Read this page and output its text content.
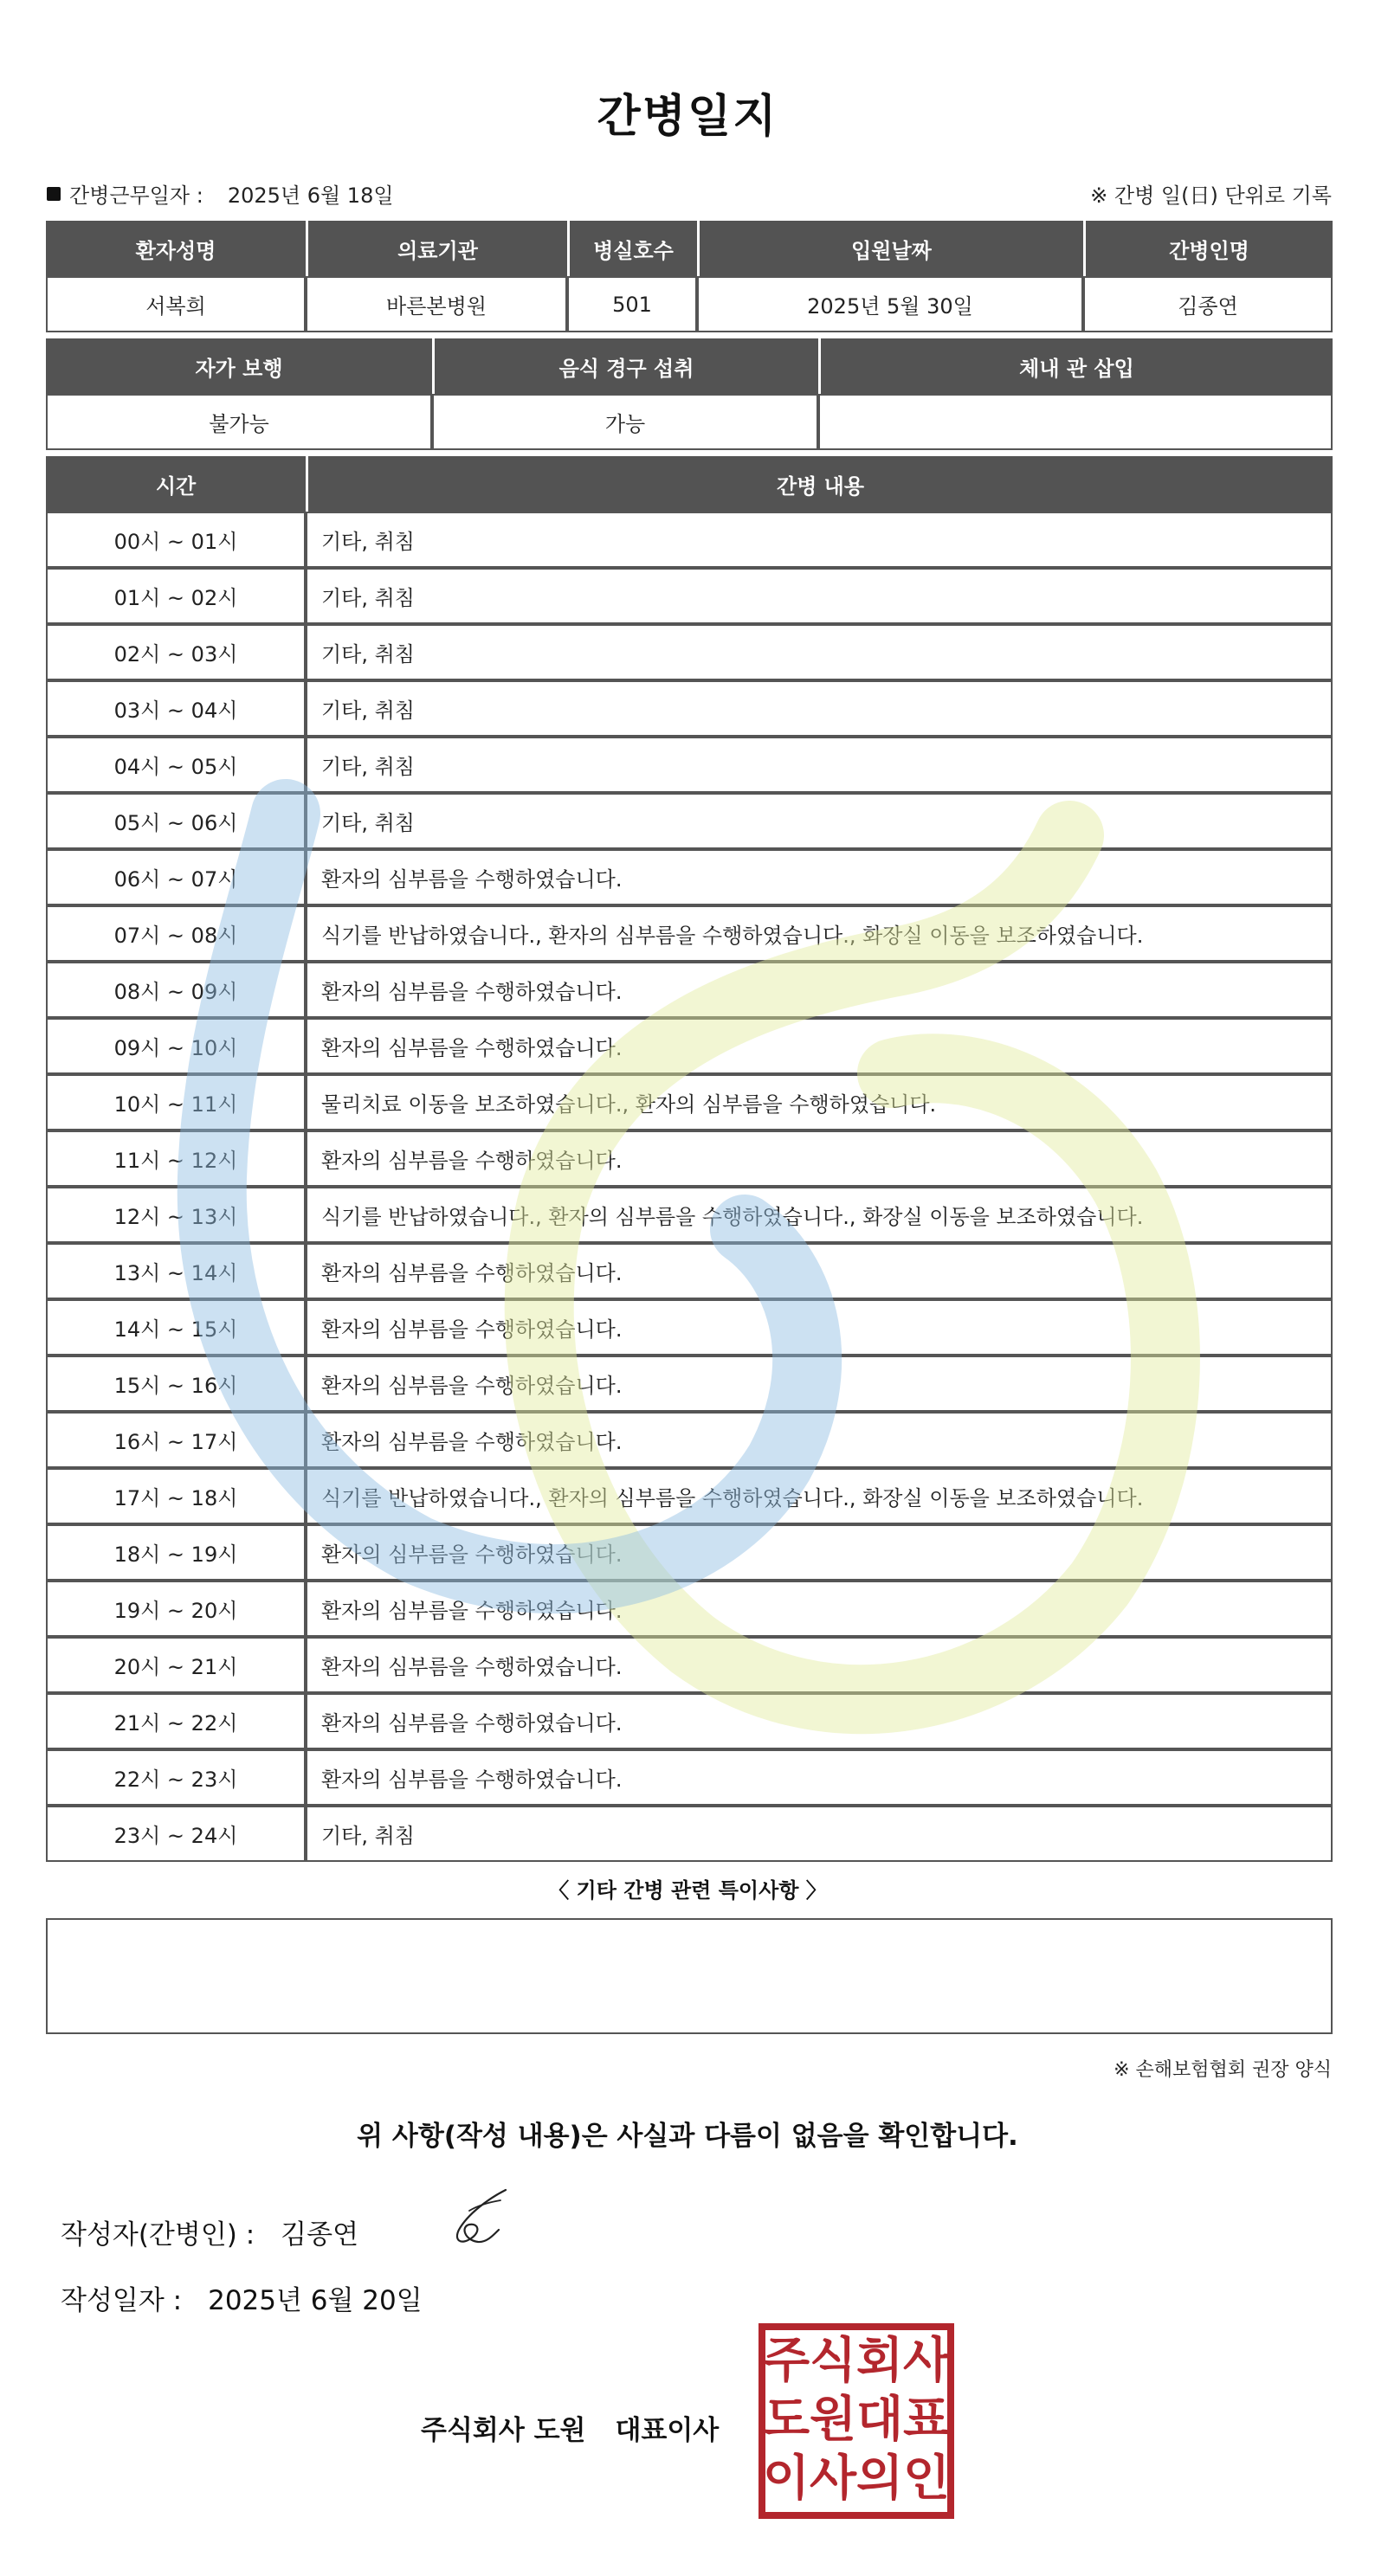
간병일지
간병근무일자 : 2025년 6월 18일	※ 간병 일(日) 단위로 기록
환자성명	의료기관	병실호수	입원날짜	간병인명
서복희	바른본병원	501	2025년 5월 30일	김종연
자가 보행	음식 경구 섭취	체내 관 삽입
불가능	가능	
시간	간병 내용
00시 ~ 01시	기타, 취침
01시 ~ 02시	기타, 취침
02시 ~ 03시	기타, 취침
03시 ~ 04시	기타, 취침
04시 ~ 05시	기타, 취침
05시 ~ 06시	기타, 취침
06시 ~ 07시	환자의 심부름을 수행하였습니다.
07시 ~ 08시	식기를 반납하였습니다., 환자의 심부름을 수행하였습니다., 화장실 이동을 보조하였습니다.
08시 ~ 09시	환자의 심부름을 수행하였습니다.
09시 ~ 10시	환자의 심부름을 수행하였습니다.
10시 ~ 11시	물리치료 이동을 보조하였습니다., 환자의 심부름을 수행하였습니다.
11시 ~ 12시	환자의 심부름을 수행하였습니다.
12시 ~ 13시	식기를 반납하였습니다., 환자의 심부름을 수행하였습니다., 화장실 이동을 보조하였습니다.
13시 ~ 14시	환자의 심부름을 수행하였습니다.
14시 ~ 15시	환자의 심부름을 수행하였습니다.
15시 ~ 16시	환자의 심부름을 수행하였습니다.
16시 ~ 17시	환자의 심부름을 수행하였습니다.
17시 ~ 18시	식기를 반납하였습니다., 환자의 심부름을 수행하였습니다., 화장실 이동을 보조하였습니다.
18시 ~ 19시	환자의 심부름을 수행하였습니다.
19시 ~ 20시	환자의 심부름을 수행하였습니다.
20시 ~ 21시	환자의 심부름을 수행하였습니다.
21시 ~ 22시	환자의 심부름을 수행하였습니다.
22시 ~ 23시	환자의 심부름을 수행하였습니다.
23시 ~ 24시	기타, 취침
〈 기타 간병 관련 특이사항 〉
※ 손해보험협회 권장 양식
위 사항(작성 내용)은 사실과 다름이 없음을 확인합니다.
작성자(간병인) : 김종연
작성일자 : 2025년 6월 20일
주식회사 도원 대표이사
주 식 회 사
도 원 대 표
이 사 의 인
